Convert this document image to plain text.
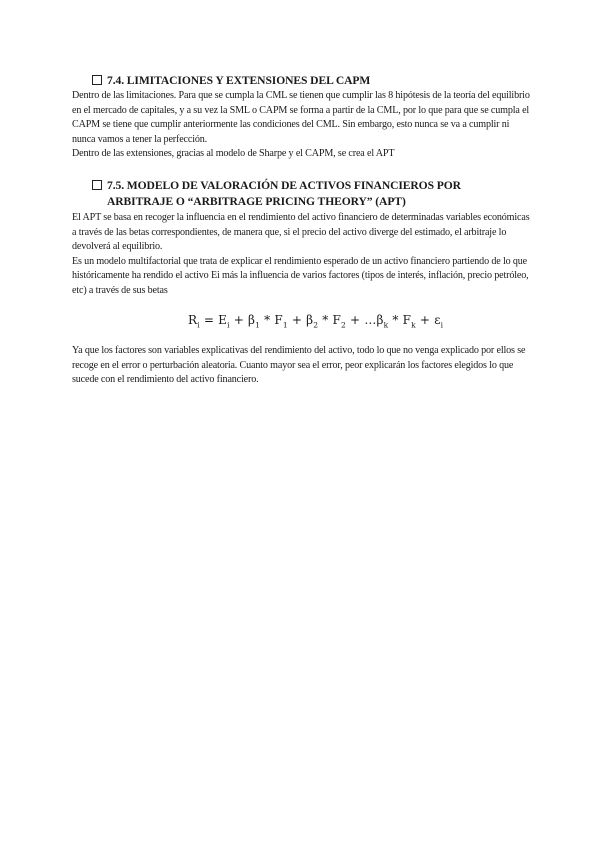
7.4. LIMITACIONES Y EXTENSIONES DEL CAPM

Dentro de las limitaciones. Para que se cumpla la CML se tienen que cumplir las 8 hipótesis de la teoría del equilibrio en el mercado de capitales, y a su vez la SML o CAPM se forma a partir de la CML, por lo que para que se cumpla el CAPM se tiene que cumplir anteriormente las condiciones del CML. Sin embargo, esto nunca se va a cumplir ni nunca vamos a tener la perfección.

Dentro de las extensiones, gracias al modelo de Sharpe y el CAPM, se crea el APT

7.5. MODELO DE VALORACIÓN DE ACTIVOS FINANCIEROS POR
ARBITRAJE O “ARBITRAGE PRICING THEORY” (APT)

El APT se basa en recoger la influencia en el rendimiento del activo financiero de determinadas variables económicas a través de las betas correspondientes, de manera que, si el precio del activo diverge del estimado, el arbitraje lo devolverá al equilibrio.

Es un modelo multifactorial que trata de explicar el rendimiento esperado de un activo financiero partiendo de lo que históricamente ha rendido el activo Ei más la influencia de varios factores (tipos de interés, inflación, precio petróleo, etc) a través de sus betas

$R_i = E_i + \beta_1 * F_1 + \beta_2 * F_2$ + $\dots\beta_k * F_k + \varepsilon_i$

Ya que los factores son variables explicativas del rendimiento del activo, todo lo que no venga explicado por ellos se recoge en el error o perturbación aleatoria. Cuanto mayor sea el error, peor explicarán los factores elegidos lo que sucede con el rendimiento del activo financiero.
